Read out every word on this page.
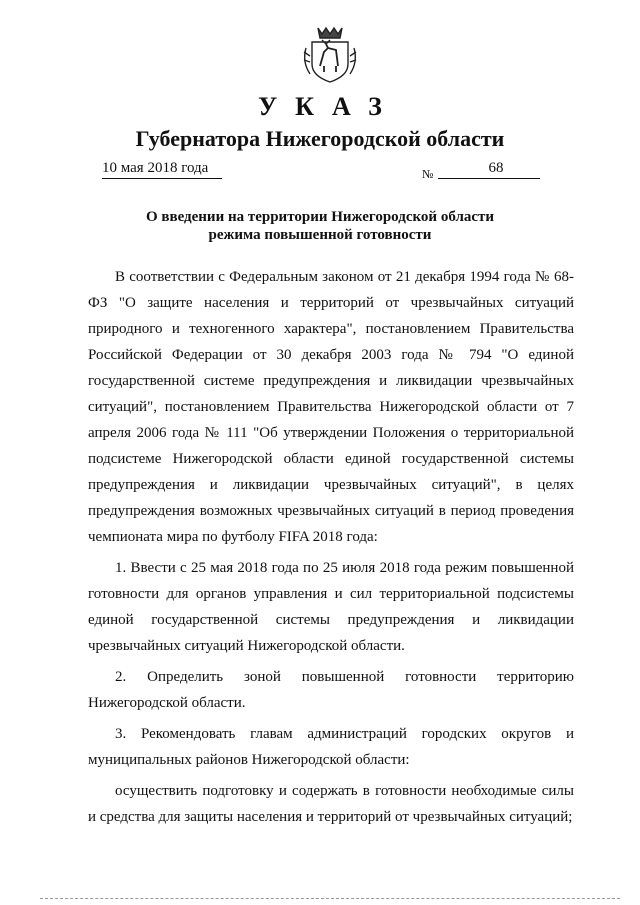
УКАЗ
Губернатора Нижегородской области
10 мая 2018 года	№	68
О введении на территории Нижегородской области
режима повышенной готовности

В соответствии с Федеральным законом от 21 декабря 1994 года № 68-ФЗ "О защите населения и территорий от чрезвычайных ситуаций природного и техногенного характера", постановлением Правительства Российской Федерации от 30 декабря 2003 года № 794 "О единой государственной системе предупреждения и ликвидации чрезвычайных ситуаций", постановлением Правительства Нижегородской области от 7 апреля 2006 года № 111 "Об утверждении Положения о территориальной подсистеме Нижегородской области единой государственной системы предупреждения и ликвидации чрезвычайных ситуаций", в целях предупреждения возможных чрезвычайных ситуаций в период проведения чемпионата мира по футболу FIFA 2018 года:

1. Ввести с 25 мая 2018 года по 25 июля 2018 года режим повышенной готовности для органов управления и сил территориальной подсистемы единой государственной системы предупреждения и ликвидации чрезвычайных ситуаций Нижегородской области.

2. Определить зоной повышенной готовности территорию Нижегородской области.

3. Рекомендовать главам администраций городских округов и муниципальных районов Нижегородской области:

осуществить подготовку и содержать в готовности необходимые силы и средства для защиты населения и территорий от чрезвычайных ситуаций;
